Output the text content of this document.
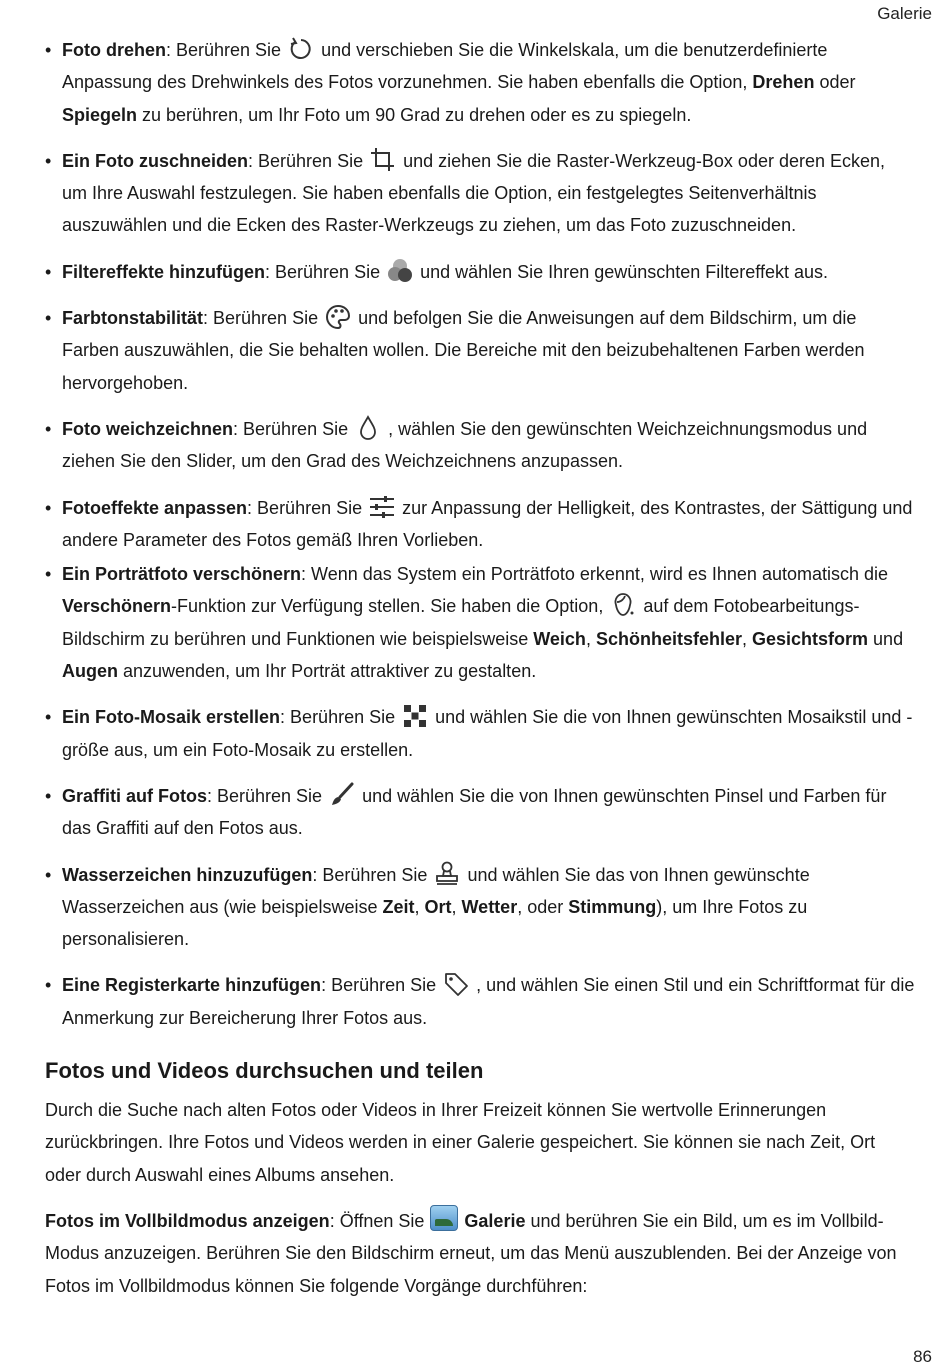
Galerie
• Foto drehen: Berühren Sie und verschieben Sie die Winkelskala, um die benutzerdefinierte Anpassung des Drehwinkels des Fotos vorzunehmen. Sie haben ebenfalls die Option, Drehen oder Spiegeln zu berühren, um Ihr Foto um 90 Grad zu drehen oder es zu spiegeln.
• Ein Foto zuschneiden: Berühren Sie und ziehen Sie die Raster-Werkzeug-Box oder deren Ecken, um Ihre Auswahl festzulegen. Sie haben ebenfalls die Option, ein festgelegtes Seitenverhältnis auszuwählen und die Ecken des Raster-Werkzeugs zu ziehen, um das Foto zuzuschneiden.
• Filtereffekte hinzufügen: Berühren Sie und wählen Sie Ihren gewünschten Filtereffekt aus.
• Farbtonstabilität: Berühren Sie und befolgen Sie die Anweisungen auf dem Bildschirm, um die Farben auszuwählen, die Sie behalten wollen. Die Bereiche mit den beizubehaltenen Farben werden hervorgehoben.
• Foto weichzeichnen: Berühren Sie , wählen Sie den gewünschten Weichzeichnungsmodus und ziehen Sie den Slider, um den Grad des Weichzeichnens anzupassen.
• Fotoeffekte anpassen: Berühren Sie zur Anpassung der Helligkeit, des Kontrastes, der Sättigung und andere Parameter des Fotos gemäß Ihren Vorlieben.
• Ein Porträtfoto verschönern: Wenn das System ein Porträtfoto erkennt, wird es Ihnen automatisch die Verschönern-Funktion zur Verfügung stellen. Sie haben die Option, auf dem Fotobearbeitungs-Bildschirm zu berühren und Funktionen wie beispielsweise Weich, Schönheitsfehler, Gesichtsform und Augen anzuwenden, um Ihr Porträt attraktiver zu gestalten.
• Ein Foto-Mosaik erstellen: Berühren Sie und wählen Sie die von Ihnen gewünschten Mosaikstil und -größe aus, um ein Foto-Mosaik zu erstellen.
• Graffiti auf Fotos: Berühren Sie und wählen Sie die von Ihnen gewünschten Pinsel und Farben für das Graffiti auf den Fotos aus.
• Wasserzeichen hinzuzufügen: Berühren Sie und wählen Sie das von Ihnen gewünschte Wasserzeichen aus (wie beispielsweise Zeit, Ort, Wetter, oder Stimmung), um Ihre Fotos zu personalisieren.
• Eine Registerkarte hinzufügen: Berühren Sie , und wählen Sie einen Stil und ein Schriftformat für die Anmerkung zur Bereicherung Ihrer Fotos aus.
Fotos und Videos durchsuchen und teilen

Durch die Suche nach alten Fotos oder Videos in Ihrer Freizeit können Sie wertvolle Erinnerungen zurückbringen. Ihre Fotos und Videos werden in einer Galerie gespeichert. Sie können sie nach Zeit, Ort oder durch Auswahl eines Albums ansehen.

Fotos im Vollbildmodus anzeigen: Öffnen Sie Galerie und berühren Sie ein Bild, um es im Vollbild-Modus anzuzeigen. Berühren Sie den Bildschirm erneut, um das Menü auszublenden. Bei der Anzeige von Fotos im Vollbildmodus können Sie folgende Vorgänge durchführen:

86
